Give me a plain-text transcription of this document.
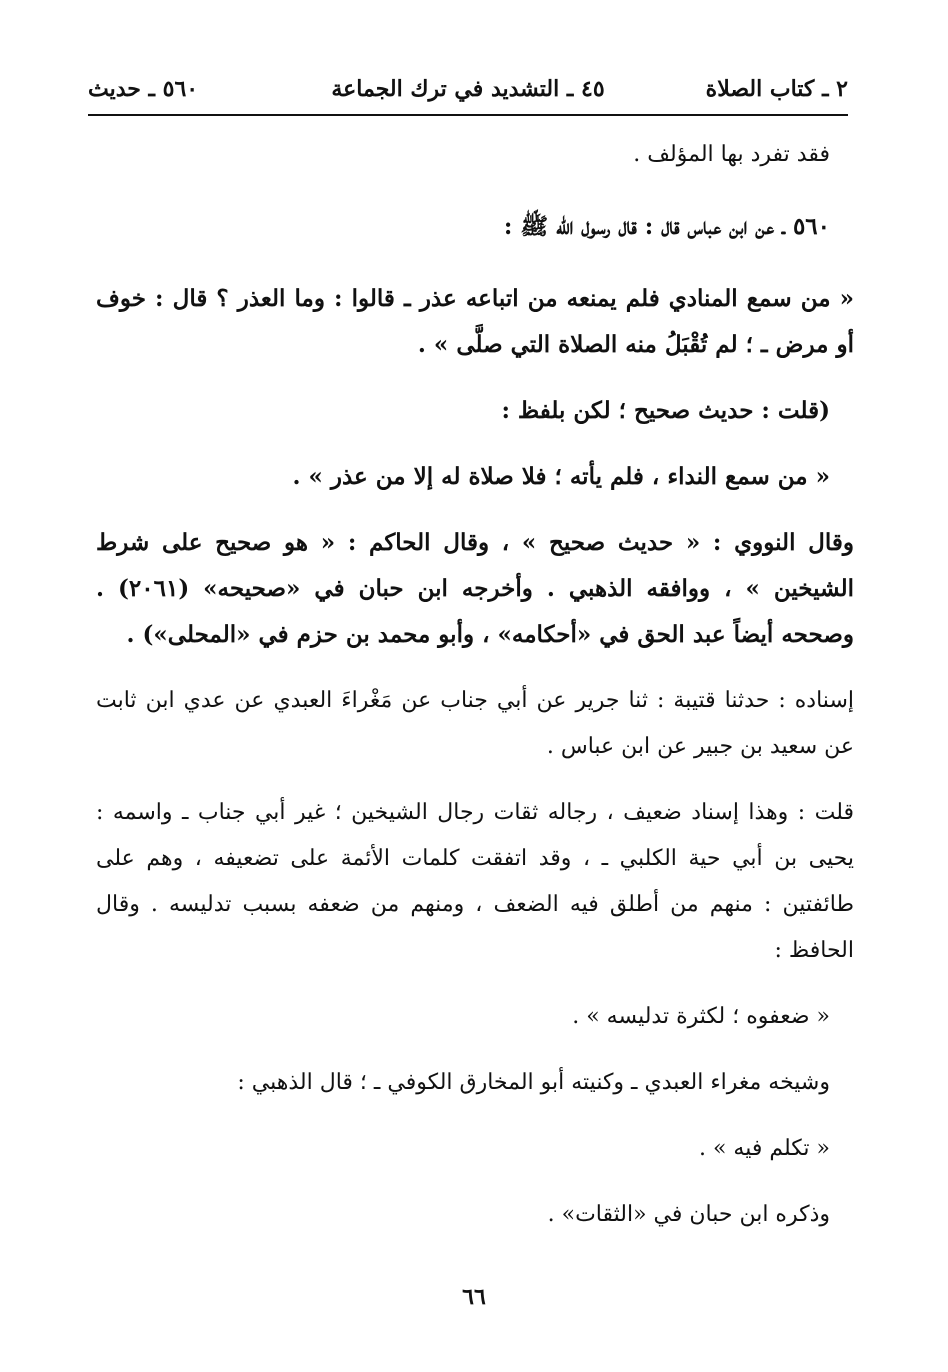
٢ ـ كتاب الصلاة
٤٥ ـ التشديد في ترك الجماعة
٥٦٠ ـ حديث

فقد تفرد بها المؤلف .

٥٦٠ ـ عن ابن عباس قال : قال رسول الله ﷺ :

« من سمع المنادي فلم يمنعه من اتباعه عذر ـ قالوا : وما العذر ؟ قال : خوف أو مرض ـ ؛ لم تُقْبَلُ منه الصلاة التي صلَّى » .

(قلت : حديث صحيح ؛ لكن بلفظ :

« من سمع النداء ، فلم يأته ؛ فلا صلاة له إلا من عذر » .

وقال النووي : « حديث صحيح » ، وقال الحاكم : « هو صحيح على شرط الشيخين » ، ووافقه الذهبي . وأخرجه ابن حبان في «صحيحه» (٢٠٦١) . وصححه أيضاً عبد الحق في «أحكامه» ، وأبو محمد بن حزم في «المحلى») .

إسناده : حدثنا قتيبة : ثنا جرير عن أبي جناب عن مَغْراءَ العبدي عن عدي ابن ثابت عن سعيد بن جبير عن ابن عباس .

قلت : وهذا إسناد ضعيف ، رجاله ثقات رجال الشيخين ؛ غير أبي جناب ـ واسمه : يحيى بن أبي حية الكلبي ـ ، وقد اتفقت كلمات الأئمة على تضعيفه ، وهم على طائفتين : منهم من أطلق فيه الضعف ، ومنهم من ضعفه بسبب تدليسه . وقال الحافظ :

« ضعفوه ؛ لكثرة تدليسه » .

وشيخه مغراء العبدي ـ وكنيته أبو المخارق الكوفي ـ ؛ قال الذهبي :

« تكلم فيه » .

وذكره ابن حبان في «الثقات» .

٦٦
